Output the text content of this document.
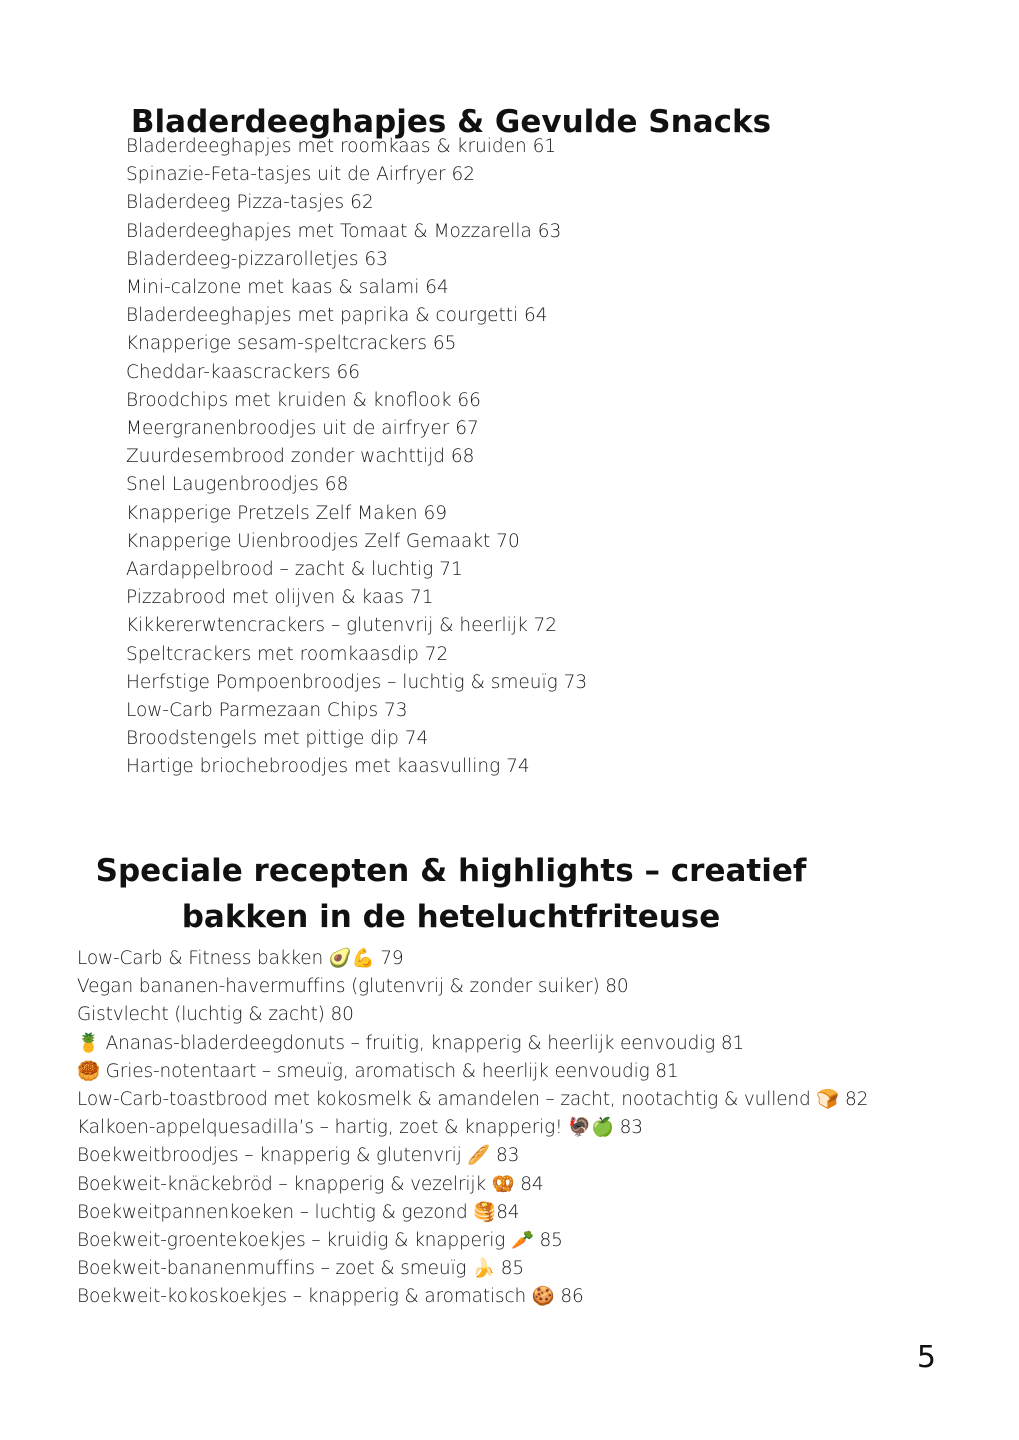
Bladerdeeghapjes & Gevulde Snacks
Bladerdeeghapjes met roomkaas & kruiden 61
Spinazie-Feta-tasjes uit de Airfryer 62
Bladerdeeg Pizza-tasjes 62
Bladerdeeghapjes met Tomaat & Mozzarella 63
Bladerdeeg-pizzarolletjes 63
Mini-calzone met kaas & salami 64
Bladerdeeghapjes met paprika & courgetti 64
Knapperige sesam-speltcrackers 65
Cheddar-kaascrackers 66
Broodchips met kruiden & knoflook 66
Meergranenbroodjes uit de airfryer 67
Zuurdesembrood zonder wachttijd 68
Snel Laugenbroodjes 68
Knapperige Pretzels Zelf Maken 69
Knapperige Uienbroodjes Zelf Gemaakt 70
Aardappelbrood – zacht & luchtig 71
Pizzabrood met olijven & kaas 71
Kikkererwtencrackers – glutenvrij & heerlijk 72
Speltcrackers met roomkaasdip 72
Herfstige Pompoenbroodjes – luchtig & smeuïg 73
Low-Carb Parmezaan Chips 73
Broodstengels met pittige dip 74
Hartige briochebroodjes met kaasvulling 74
Speciale recepten & highlights – creatief
bakken in de heteluchtfriteuse
Low-Carb & Fitness bakken 🥑💪 79
Vegan bananen-havermuffins (glutenvrij & zonder suiker) 80
Gistvlecht (luchtig & zacht) 80
🍍 Ananas-bladerdeegdonuts – fruitig, knapperig & heerlijk eenvoudig 81
🥮 Gries-notentaart – smeuïg, aromatisch & heerlijk eenvoudig 81
Low-Carb-toastbrood met kokosmelk & amandelen – zacht, nootachtig & vullend 🍞 82
Kalkoen-appelquesadilla’s – hartig, zoet & knapperig! 🦃🍏 83
Boekweitbroodjes – knapperig & glutenvrij 🥖 83
Boekweit-knäckebröd – knapperig & vezelrijk 🥨 84
Boekweitpannenkoeken – luchtig & gezond 🥞84
Boekweit-groentekoekjes – kruidig & knapperig 🥕 85
Boekweit-bananenmuffins – zoet & smeuïg 🍌 85
Boekweit-kokoskoekjes – knapperig & aromatisch 🍪 86
5
